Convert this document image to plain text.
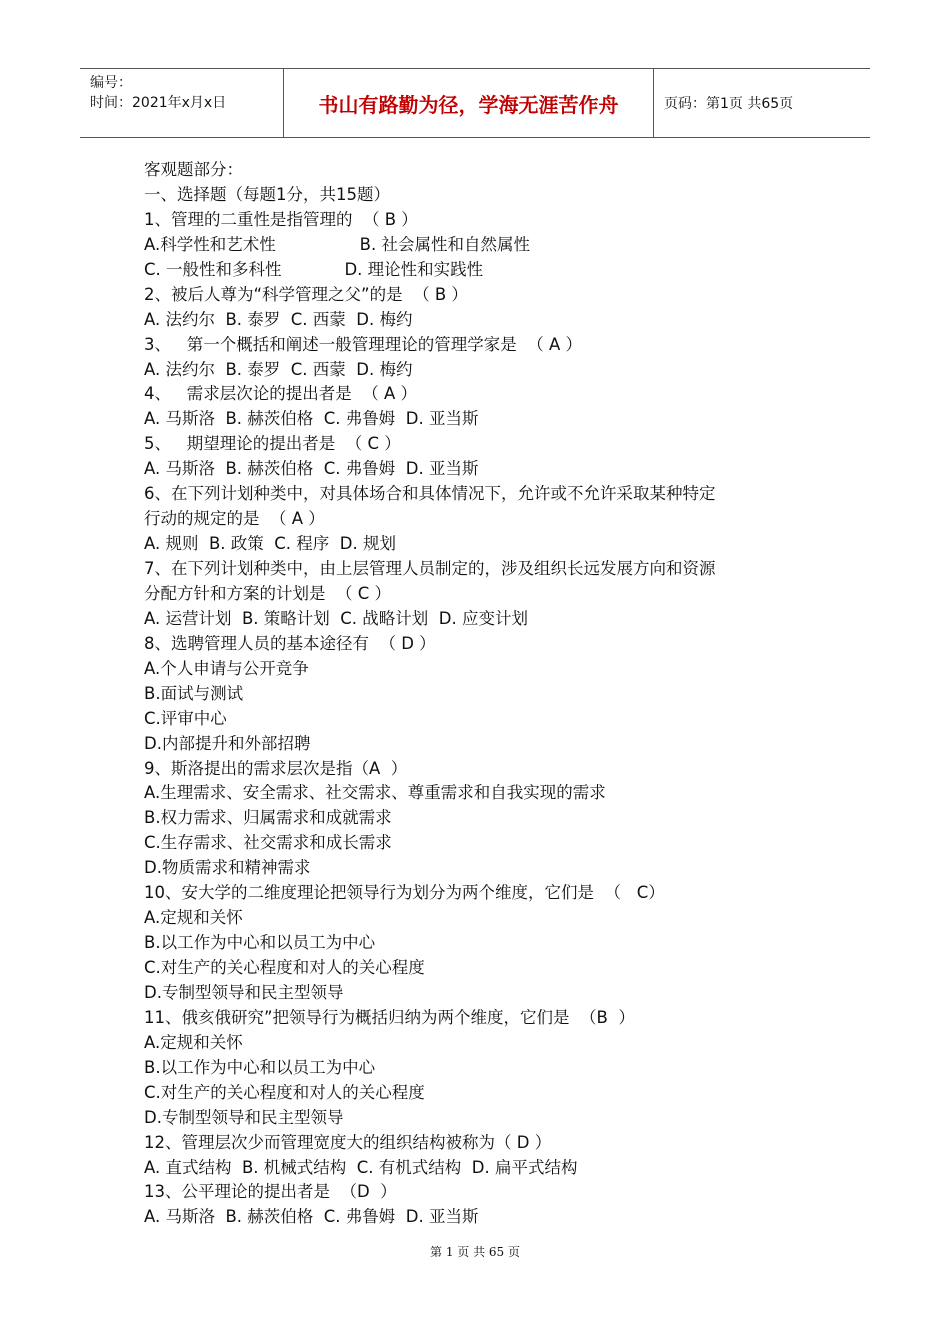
编号：
时间：2021年x月x日	书山有路勤为径，学海无涯苦作舟	页码：第1页 共65页
客观题部分：
一、选择题（每题1分，共15题）
1、管理的二重性是指管理的  （ B ）
A.科学性和艺术性                B. 社会属性和自然属性
C. 一般性和多科性            D. 理论性和实践性
2、被后人尊为“科学管理之父”的是  （ B ）
A. 法约尔  B. 泰罗  C. 西蒙  D. 梅约
3、   第一个概括和阐述一般管理理论的管理学家是  （ A ）
A. 法约尔  B. 泰罗  C. 西蒙  D. 梅约
4、   需求层次论的提出者是  （ A ）
A. 马斯洛  B. 赫茨伯格  C. 弗鲁姆  D. 亚当斯
5、   期望理论的提出者是  （ C ）
A. 马斯洛  B. 赫茨伯格  C. 弗鲁姆  D. 亚当斯
6、在下列计划种类中，对具体场合和具体情况下，允许或不允许采取某种特定
行动的规定的是  （ A ）
A. 规则  B. 政策  C. 程序  D. 规划
7、在下列计划种类中，由上层管理人员制定的，涉及组织长远发展方向和资源
分配方针和方案的计划是  （ C ）
A. 运营计划  B. 策略计划  C. 战略计划  D. 应变计划
8、选聘管理人员的基本途径有  （ D ）
A.个人申请与公开竞争
B.面试与测试
C.评审中心
D.内部提升和外部招聘
9、斯洛提出的需求层次是指（A  ）
A.生理需求、安全需求、社交需求、尊重需求和自我实现的需求
B.权力需求、归属需求和成就需求
C.生存需求、社交需求和成长需求
D.物质需求和精神需求
10、安大学的二维度理论把领导行为划分为两个维度，它们是  （   C）
A.定规和关怀
B.以工作为中心和以员工为中心
C.对生产的关心程度和对人的关心程度
D.专制型领导和民主型领导
11、俄亥俄研究”把领导行为概括归纳为两个维度，它们是  （B  ）
A.定规和关怀
B.以工作为中心和以员工为中心
C.对生产的关心程度和对人的关心程度
D.专制型领导和民主型领导
12、管理层次少而管理宽度大的组织结构被称为（ D ）
A. 直式结构  B. 机械式结构  C. 有机式结构  D. 扁平式结构
13、公平理论的提出者是  （D  ）
A. 马斯洛  B. 赫茨伯格  C. 弗鲁姆  D. 亚当斯
第 1 页 共 65 页
